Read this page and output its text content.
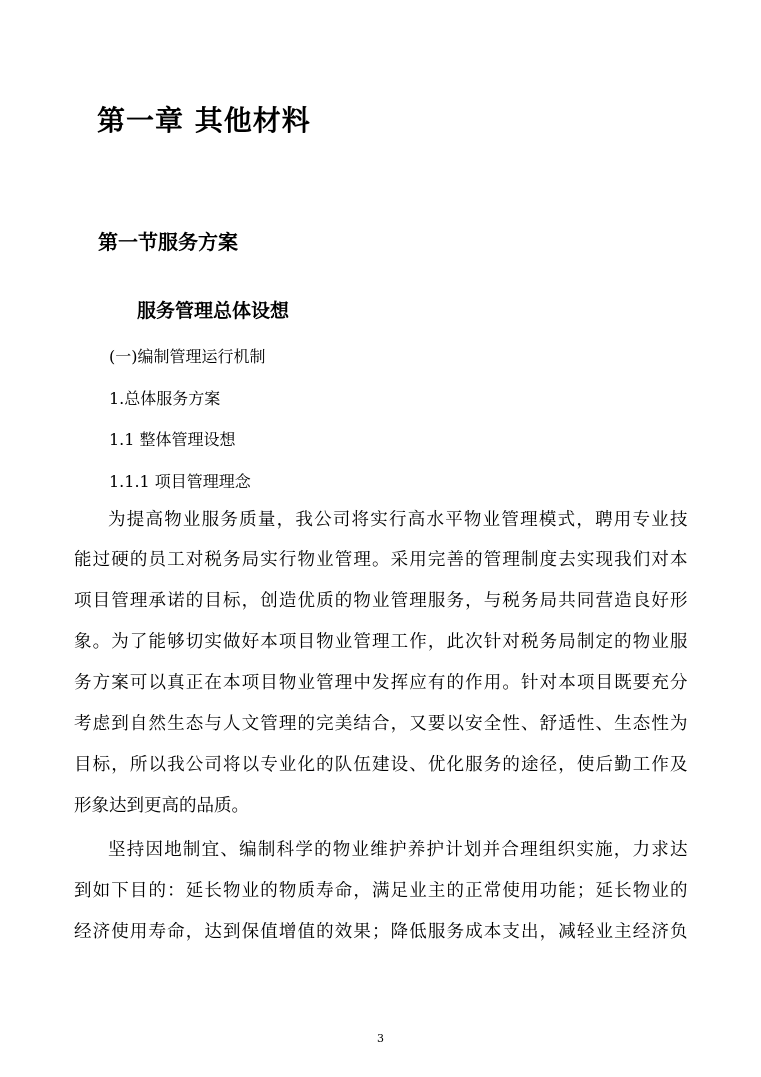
第一章 其他材料
第一节服务方案
服务管理总体设想

(一)编制管理运行机制

1.总体服务方案

1.1 整体管理设想

1.1.1 项目管理理念

为提高物业服务质量，我公司将实行高水平物业管理模式，聘用专业技

能过硬的员工对税务局实行物业管理。采用完善的管理制度去实现我们对本

项目管理承诺的目标，创造优质的物业管理服务，与税务局共同营造良好形

象。为了能够切实做好本项目物业管理工作，此次针对税务局制定的物业服

务方案可以真正在本项目物业管理中发挥应有的作用。针对本项目既要充分

考虑到自然生态与人文管理的完美结合，又要以安全性、舒适性、生态性为

目标，所以我公司将以专业化的队伍建设、优化服务的途径，使后勤工作及

形象达到更高的品质。

坚持因地制宜、编制科学的物业维护养护计划并合理组织实施，力求达

到如下目的：延长物业的物质寿命，满足业主的正常使用功能；延长物业的

经济使用寿命，达到保值增值的效果；降低服务成本支出，减轻业主经济负

3
